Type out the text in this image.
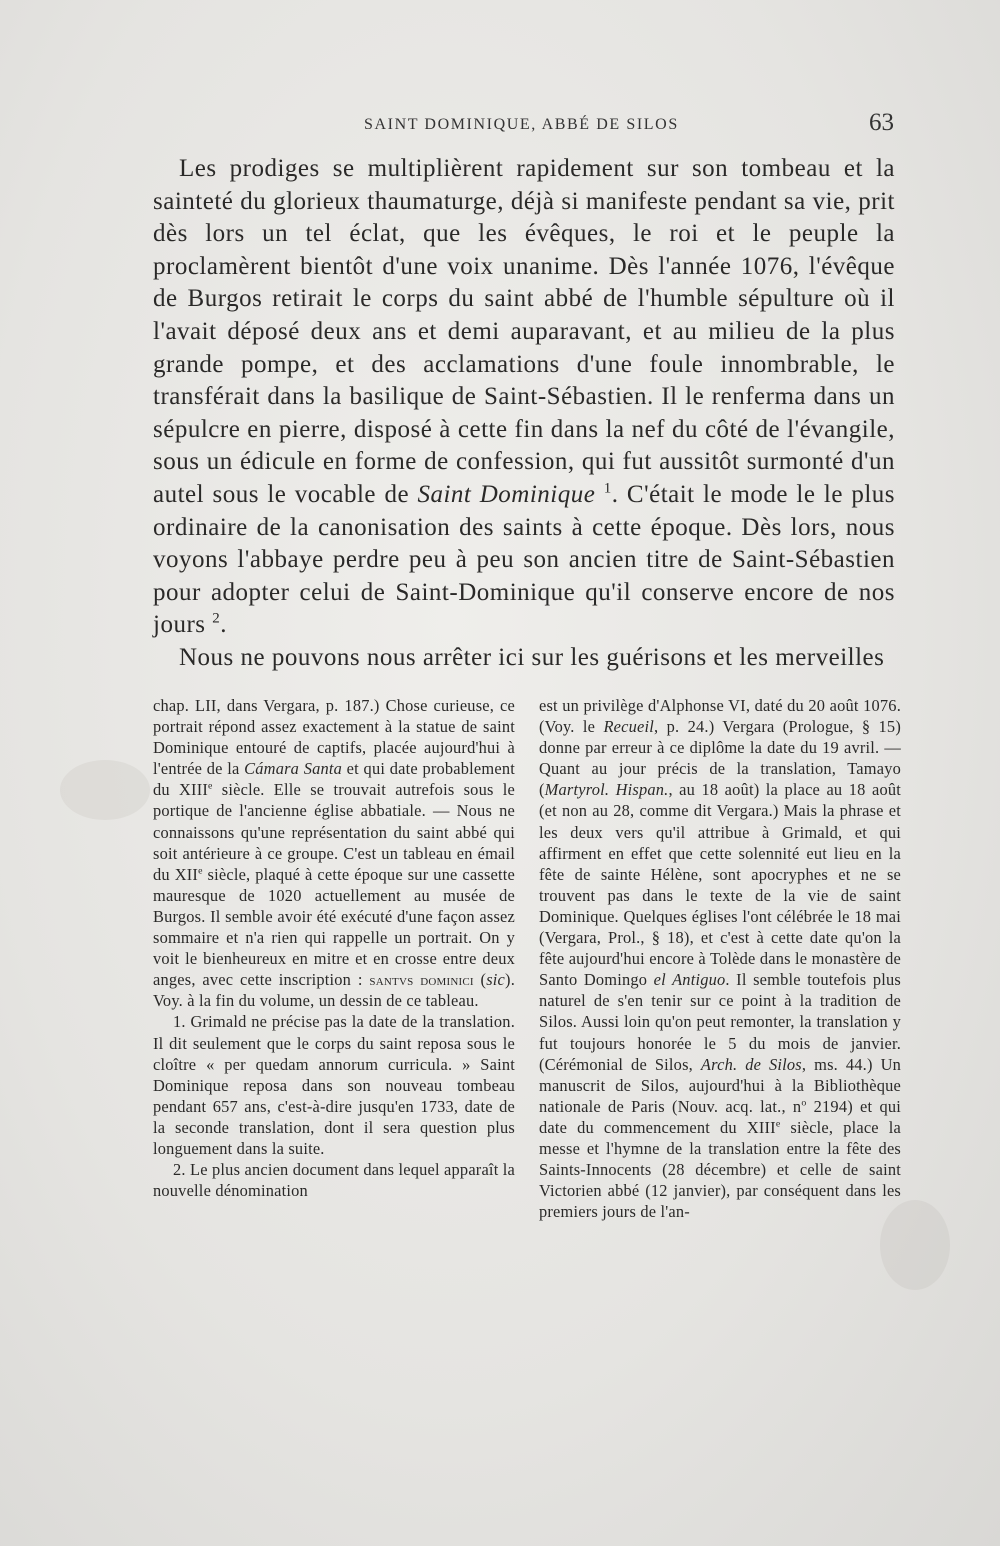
SAINT DOMINIQUE, ABBÉ DE SILOS	63

Les prodiges se multiplièrent rapidement sur son tombeau et la sainteté du glorieux thaumaturge, déjà si manifeste pendant sa vie, prit dès lors un tel éclat, que les évêques, le roi et le peuple la proclamèrent bientôt d'une voix unanime. Dès l'année 1076, l'évêque de Burgos retirait le corps du saint abbé de l'humble sépulture où il l'avait déposé deux ans et demi auparavant, et au milieu de la plus grande pompe, et des acclamations d'une foule innombrable, le transférait dans la basilique de Saint-Sébastien. Il le renferma dans un sépulcre en pierre, disposé à cette fin dans la nef du côté de l'évangile, sous un édicule en forme de confession, qui fut aussitôt surmonté d'un autel sous le vocable de Saint Dominique $^1$. C'était le mode le le plus ordinaire de la canonisation des saints à cette époque. Dès lors, nous voyons l'abbaye perdre peu à peu son ancien titre de Saint-Sébastien pour adopter celui de Saint-Dominique qu'il conserve encore de nos jours $^2$.

Nous ne pouvons nous arrêter ici sur les guérisons et les merveilles

chap. LII, dans Vergara, p. 187.) Chose curieuse, ce portrait répond assez exactement à la statue de saint Dominique entouré de captifs, placée aujourd'hui à l'entrée de la Cámara Santa et qui date probablement du XIIIe siècle. Elle se trouvait autrefois sous le portique de l'ancienne église abbatiale. — Nous ne connaissons qu'une représentation du saint abbé qui soit antérieure à ce groupe. C'est un tableau en émail du XIIe siècle, plaqué à cette époque sur une cassette mauresque de 1020 actuellement au musée de Burgos. Il semble avoir été exécuté d'une façon assez sommaire et n'a rien qui rappelle un portrait. On y voit le bienheureux en mitre et en crosse entre deux anges, avec cette inscription : santvs dominici (sic). Voy. à la fin du volume, un dessin de ce tableau.

1. Grimald ne précise pas la date de la translation. Il dit seulement que le corps du saint reposa sous le cloître « per quedam annorum curricula. » Saint Dominique reposa dans son nouveau tombeau pendant 657 ans, c'est-à-dire jusqu'en 1733, date de la seconde translation, dont il sera question plus longuement dans la suite.

2. Le plus ancien document dans lequel apparaît la nouvelle dénomination

est un privilège d'Alphonse VI, daté du 20 août 1076. (Voy. le Recueil, p. 24.) Vergara (Prologue, § 15) donne par erreur à ce diplôme la date du 19 avril. — Quant au jour précis de la translation, Tamayo (Martyrol. Hispan., au 18 août) la place au 18 août (et non au 28, comme dit Vergara.) Mais la phrase et les deux vers qu'il attribue à Grimald, et qui affirment en effet que cette solennité eut lieu en la fête de sainte Hélène, sont apocryphes et ne se trouvent pas dans le texte de la vie de saint Dominique. Quelques églises l'ont célébrée le 18 mai (Vergara, Prol., § 18), et c'est à cette date qu'on la fête aujourd'hui encore à Tolède dans le monastère de Santo Domingo el Antiguo. Il semble toutefois plus naturel de s'en tenir sur ce point à la tradition de Silos. Aussi loin qu'on peut remonter, la translation y fut toujours honorée le 5 du mois de janvier. (Cérémonial de Silos, Arch. de Silos, ms. 44.) Un manuscrit de Silos, aujourd'hui à la Bibliothèque nationale de Paris (Nouv. acq. lat., $n^o$ 2194) et qui date du commencement du XIIIe siècle, place la messe et l'hymne de la translation entre la fête des Saints-Innocents (28 décembre) et celle de saint Victorien abbé (12 janvier), par conséquent dans les premiers jours de l'an-
